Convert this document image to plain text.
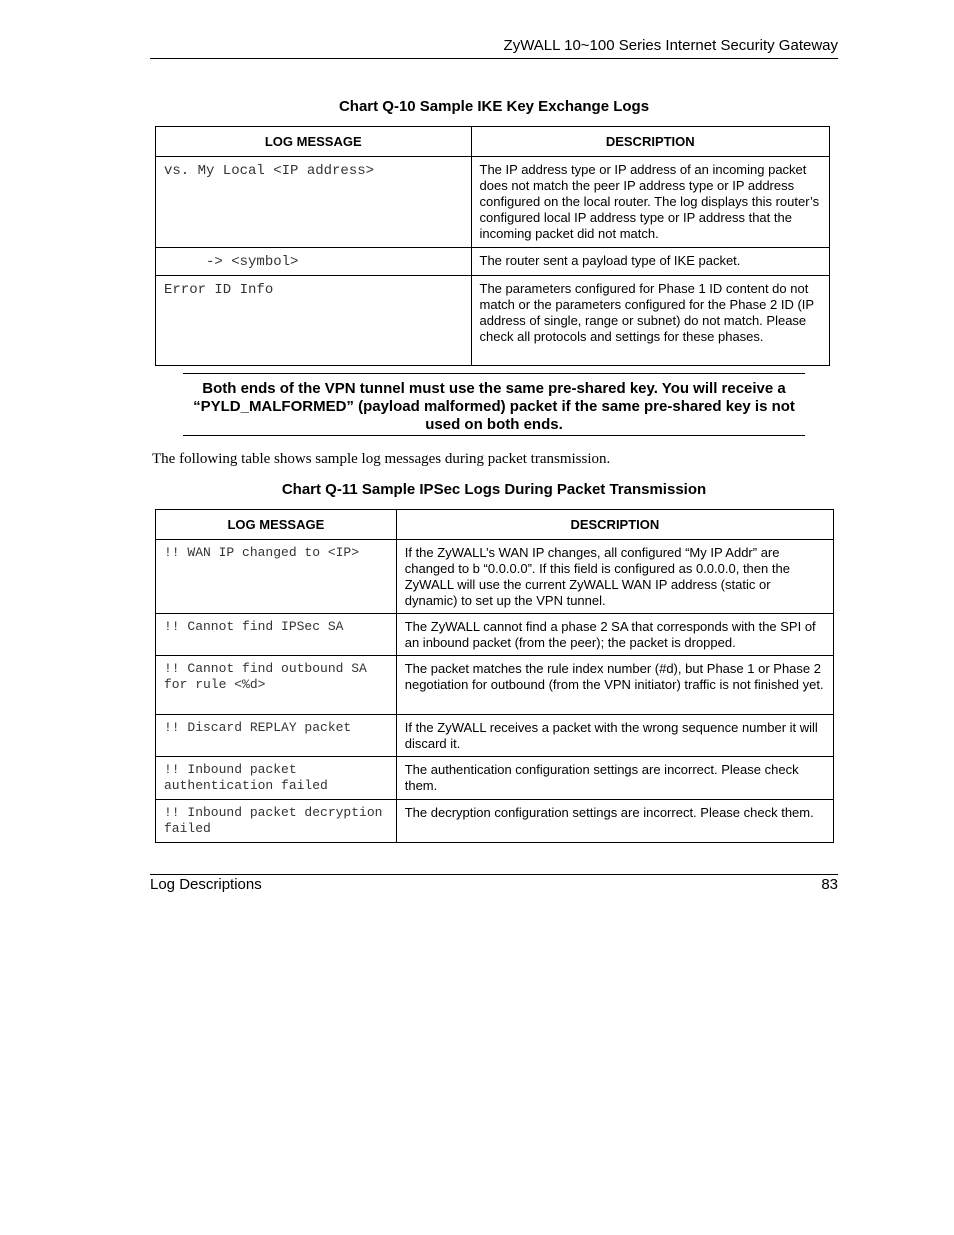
ZyWALL 10~100 Series Internet Security Gateway
Chart Q-10 Sample IKE Key Exchange Logs
LOG MESSAGE	DESCRIPTION
vs. My Local <IP address>	The IP address type or IP address of an incoming packet does not match the peer IP address type or IP address configured on the local router. The log displays this router’s configured local IP address type or IP address that the incoming packet did not match.
-> <symbol>	The router sent a payload type of IKE packet.
Error ID Info	The parameters configured for Phase 1 ID content do not match or the parameters configured for the Phase 2 ID (IP address of single, range or subnet) do not match. Please check all protocols and settings for these phases.
Both ends of the VPN tunnel must use the same pre-shared key. You will receive a “PYLD_MALFORMED” (payload malformed) packet if the same pre-shared key is not used on both ends.
The following table shows sample log messages during packet transmission.
Chart Q-11 Sample IPSec Logs During Packet Transmission
LOG MESSAGE	DESCRIPTION
!! WAN IP changed to <IP>	If the ZyWALL’s WAN IP changes, all configured “My IP Addr” are changed to b “0.0.0.0”. If this field is configured as 0.0.0.0, then the ZyWALL will use the current ZyWALL WAN IP address (static or dynamic) to set up the VPN tunnel.
!! Cannot find IPSec SA	The ZyWALL cannot find a phase 2 SA that corresponds with the SPI of an inbound packet (from the peer); the packet is dropped.
!! Cannot find outbound SA for rule <%d>	The packet matches the rule index number (#d), but Phase 1 or Phase 2 negotiation for outbound (from the VPN initiator) traffic is not finished yet.
!! Discard REPLAY packet	If the ZyWALL receives a packet with the wrong sequence number it will discard it.
!! Inbound packet authentication failed	The authentication configuration settings are incorrect. Please check them.
!! Inbound packet decryption failed	The decryption configuration settings are incorrect. Please check them.
Log Descriptions	83
